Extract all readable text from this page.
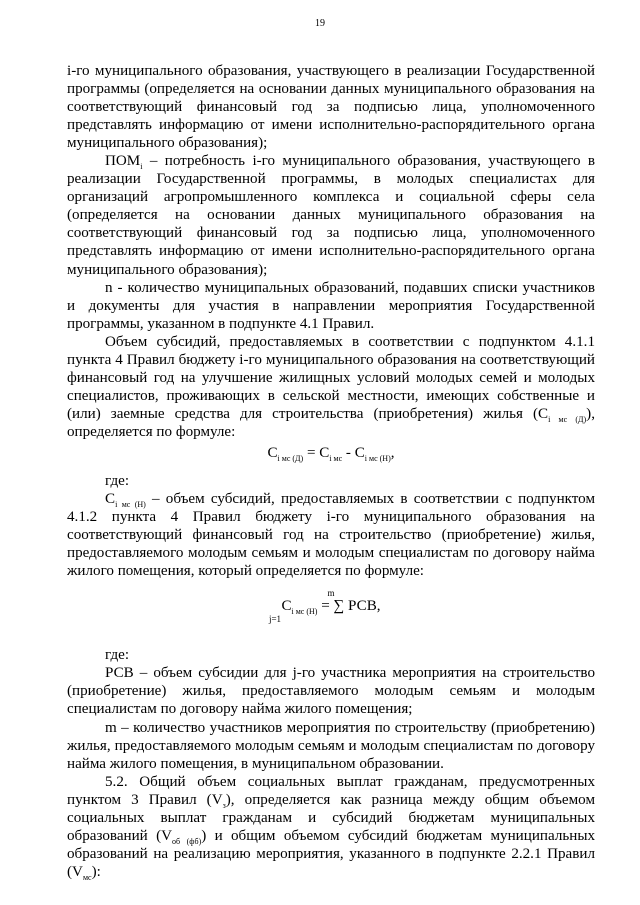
19

i-го муниципального образования, участвующего в реализации Государственной программы (определяется на основании данных муниципального образования на соответствующий финансовый год за подписью лица, уполномоченного представлять информацию от имени исполнительно-распорядительного органа муниципального образования);

$ПОМ_i$ – потребность i-го муниципального образования, участвующего в реализации Государственной программы, в молодых специалистах для организаций агропромышленного комплекса и социальной сферы села (определяется на основании данных муниципального образования на соответствующий финансовый год за подписью лица, уполномоченного представлять информацию от имени исполнительно-распорядительного органа муниципального образования);

n - количество муниципальных образований, подавших списки участников и документы для участия в направлении мероприятия Государственной программы, указанном в подпункте 4.1 Правил.

Объем субсидий, предоставляемых в соответствии с подпунктом 4.1.1 пункта 4 Правил бюджету i-го муниципального образования на соответствующий финансовый год на улучшение жилищных условий молодых семей и молодых специалистов, проживающих в сельской местности, имеющих собственные и (или) заемные средства для строительства (приобретения) жилья $(C_{i мс (Д)})$, определяется по формуле:

$C_{i мс (Д)} = C_{i мс} - C_{i мс (Н)}$,

где:

$C_{i мс (Н)}$ – объем субсидий, предоставляемых в соответствии с подпунктом 4.1.2 пункта 4 Правил бюджету i-го муниципального образования на соответствующий финансовый год на строительство (приобретение) жилья, предоставляемого молодым семьям и молодым специалистам по договору найма жилого помещения, который определяется по формуле:

m
$C_{i мс (Н)}$ = ∑ РСВ,
j=1

где:

РСВ – объем субсидии для j-го участника мероприятия на строительство (приобретение) жилья, предоставляемого молодым семьям и молодым специалистам по договору найма жилого помещения;

m – количество участников мероприятия по строительству (приобретению) жилья, предоставляемого молодым семьям и молодым специалистам по договору найма жилого помещения, в муниципальном образовании.

5.2. Общий объем социальных выплат гражданам, предусмотренных пунктом 3 Правил $(V_з)$, определяется как разница между общим объемом социальных выплат гражданам и субсидий бюджетам муниципальных образований $(V_{об (фб)})$ и общим объемом субсидий бюджетам муниципальных образований на реализацию мероприятия, указанного в подпункте 2.2.1 Правил $(V_{мс})$:
